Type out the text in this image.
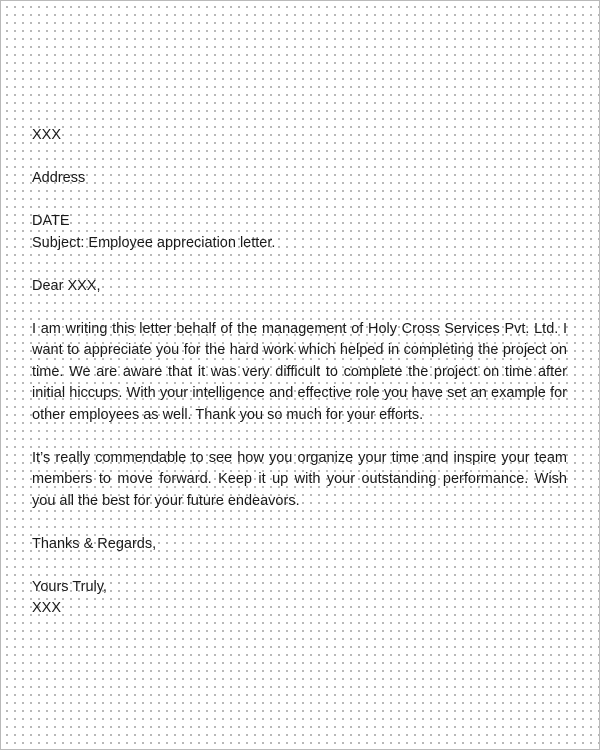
XXX
Address
DATE
Subject: Employee appreciation letter.
Dear XXX,

I am writing this letter behalf of the management of Holy Cross Services Pvt. Ltd. I want to appreciate you for the hard work which helped in completing the project on time. We are aware that it was very difficult to complete the project on time after initial hiccups. With your intelligence and effective role you have set an example for other employees as well. Thank you so much for your efforts.

It’s really commendable to see how you organize your time and inspire your team members to move forward. Keep it up with your outstanding performance. Wish you all the best for your future endeavors.

Thanks & Regards,
Yours Truly,
XXX
